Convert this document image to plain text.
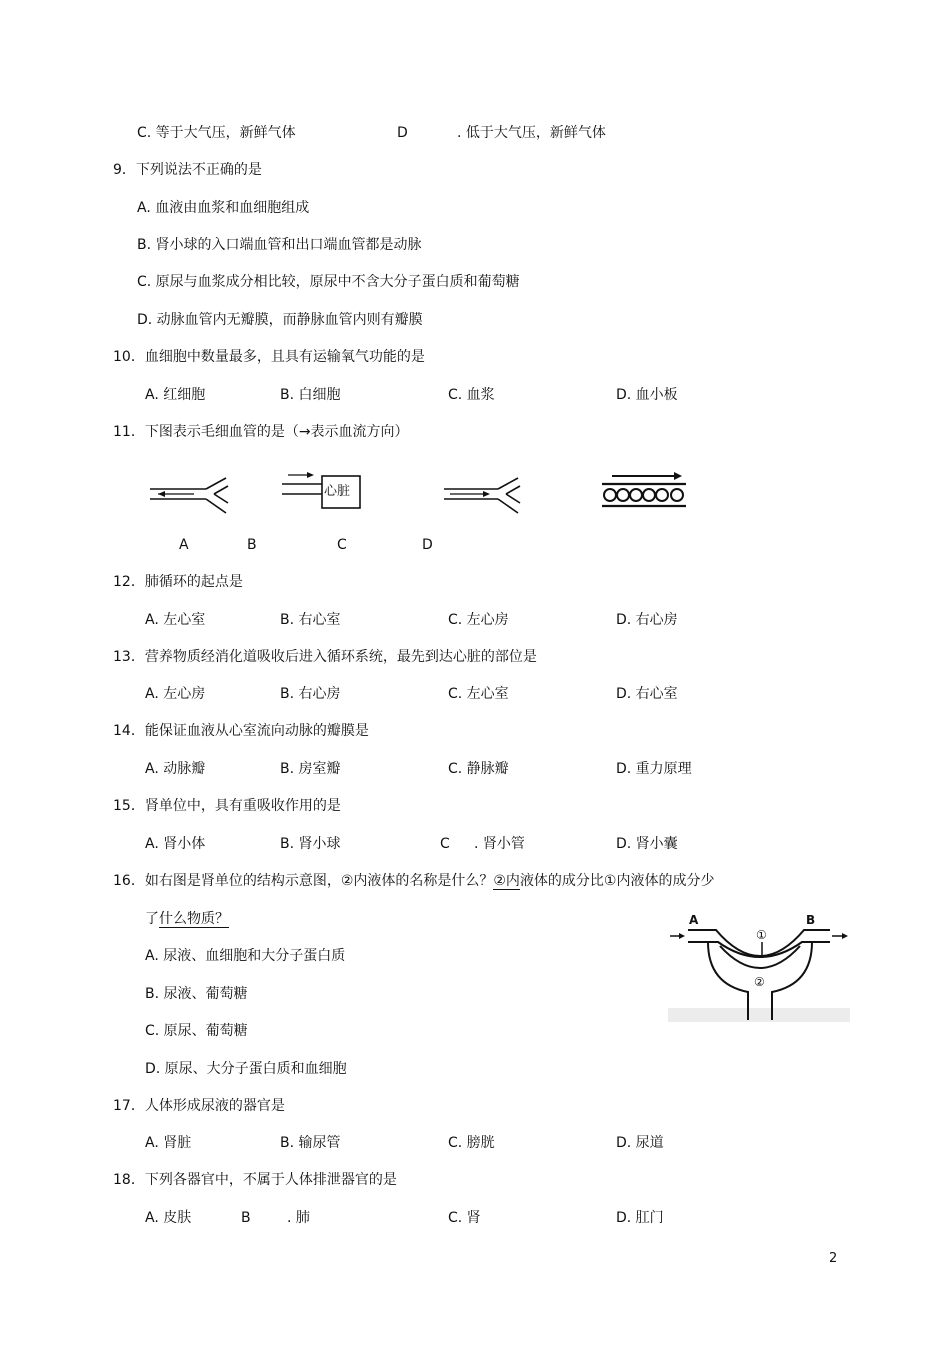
C. 等于大气压，新鲜气体	D	. 低于大气压，新鲜气体
9．下列说法不正确的是
A. 血液由血浆和血细胞组成
B. 肾小球的入口端血管和出口端血管都是动脉
C. 原尿与血浆成分相比较，原尿中不含大分子蛋白质和葡萄糖
D. 动脉血管内无瓣膜，而静脉血管内则有瓣膜
10．血细胞中数量最多，且具有运输氧气功能的是
A. 红细胞	B. 白细胞	C. 血浆	D. 血小板
11．下图表示毛细血管的是（→表示血流方向）
心脏
A	B	C	D
12．肺循环的起点是
A. 左心室	B. 右心室	C. 左心房	D. 右心房
13．营养物质经消化道吸收后进入循环系统，最先到达心脏的部位是
A. 左心房	B. 右心房	C. 左心室	D. 右心室
14．能保证血液从心室流向动脉的瓣膜是
A. 动脉瓣	B. 房室瓣	C. 静脉瓣	D. 重力原理
15．肾单位中，具有重吸收作用的是
A. 肾小体	B. 肾小球	C . 肾小管	D. 肾小囊
16．如右图是肾单位的结构示意图，②内液体的名称是什么？②内液体的成分比①内液体的成分少
了什么物质？
A. 尿液、血细胞和大分子蛋白质
B. 尿液、葡萄糖
C. 原尿、葡萄糖
D. 原尿、大分子蛋白质和血细胞
A	B
①
②
17．人体形成尿液的器官是
A. 肾脏	B. 输尿管	C. 膀胱	D. 尿道
18．下列各器官中，不属于人体排泄器官的是
A. 皮肤	B	. 肺	C. 肾	D. 肛门
2
